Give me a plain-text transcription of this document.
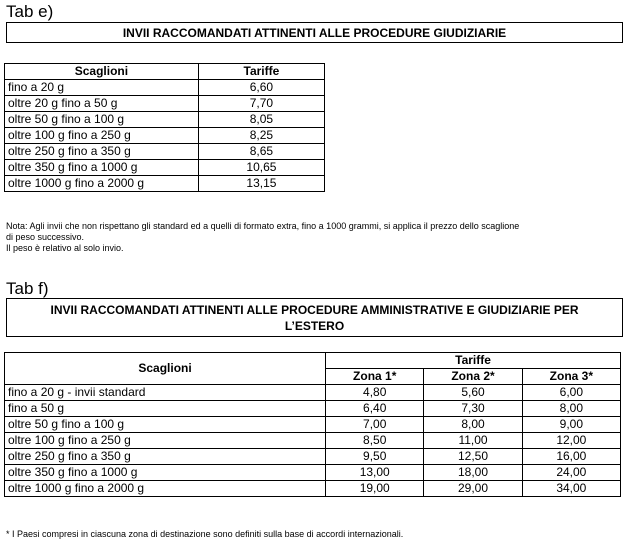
Tab e)
INVII RACCOMANDATI ATTINENTI ALLE PROCEDURE GIUDIZIARIE
Scaglioni	Tariffe
fino a 20 g	6,60
oltre 20 g fino a 50 g	7,70
oltre 50 g fino a 100 g	8,05
oltre 100 g fino a 250 g	8,25
oltre 250 g fino a 350 g	8,65
oltre 350 g fino a 1000 g	10,65
oltre 1000 g fino a 2000 g	13,15
Nota: Agli invii che non rispettano gli standard ed a quelli di formato extra, fino a 1000 grammi, si applica il prezzo dello scaglione
di peso successivo.
Il peso è relativo al solo invio.
Tab f)
INVII RACCOMANDATI ATTINENTI ALLE PROCEDURE AMMINISTRATIVE E GIUDIZIARIE PER
L’ESTERO
Scaglioni	Tariffe		
	Zona 1*	Zona 2*	Zona 3*
fino a 20 g - invii standard	4,80	5,60	6,00
fino a 50 g	6,40	7,30	8,00
oltre 50 g fino a 100 g	7,00	8,00	9,00
oltre 100 g fino a 250 g	8,50	11,00	12,00
oltre 250 g fino a 350 g	9,50	12,50	16,00
oltre 350 g fino a 1000 g	13,00	18,00	24,00
oltre 1000 g fino a 2000 g	19,00	29,00	34,00
* I Paesi compresi in ciascuna zona di destinazione sono definiti sulla base di accordi internazionali.
